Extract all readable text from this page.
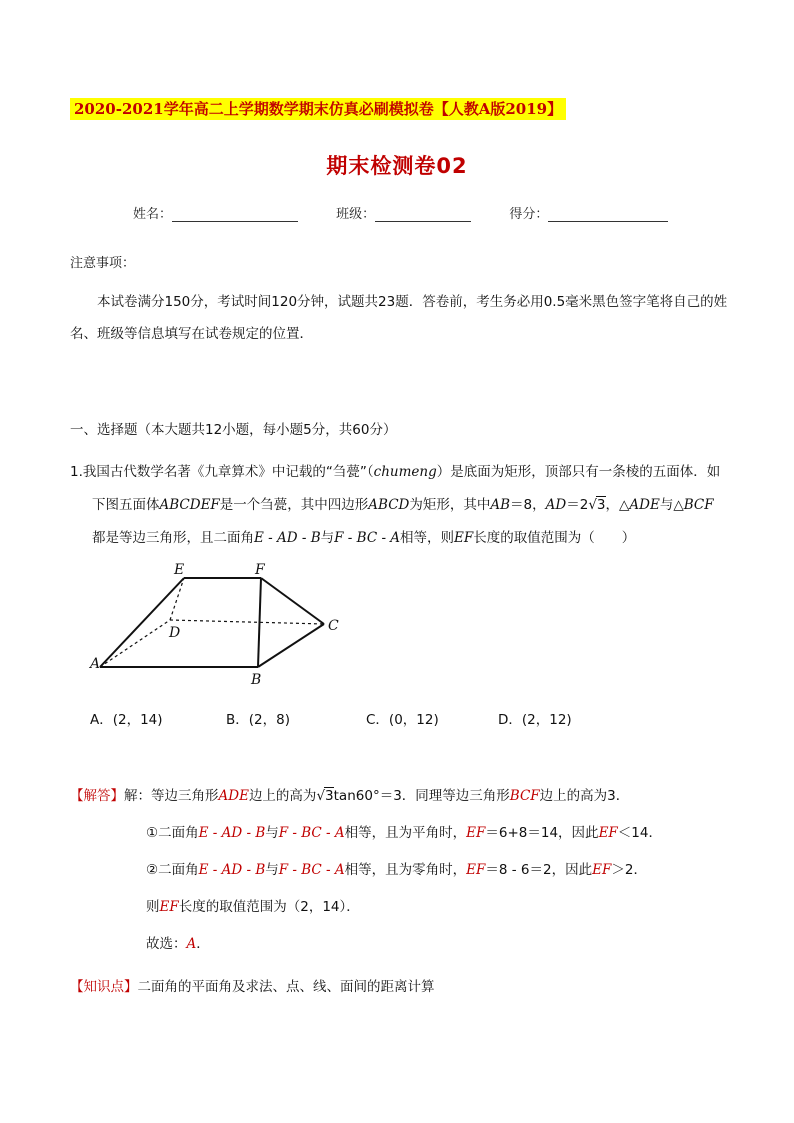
2020-2021学年高二上学期数学期末仿真必刷模拟卷【人教A版2019】
期末检测卷02
姓名：	班级：	得分：
注意事项：
本试卷满分150分，考试时间120分钟，试题共23题．答卷前，考生务必用0.5毫米黑色签字笔将自己的姓名、班级等信息填写在试卷规定的位置．
一、选择题（本大题共12小题，每小题5分，共60分）
1.我国古代数学名著《九章算术》中记载的“刍甍”（chumeng）是底面为矩形，顶部只有一条棱的五面体．如
下图五面体ABCDEF是一个刍甍，其中四边形ABCD为矩形，其中AB＝8，AD＝2√3，△ADE与△BCF
都是等边三角形，且二面角E - AD - B与F - BC - A相等，则EF长度的取值范围为（　　）
E	F
D	C
A
B
A．(2，14)	B．(2，8)	C．(0，12)	D．(2，12)
【解答】解：等边三角形ADE边上的高为√3tan60°＝3．同理等边三角形BCF边上的高为3．
①二面角E - AD - B与F - BC - A相等，且为平角时，EF＝6+8＝14，因此EF＜14．
②二面角E - AD - B与F - BC - A相等，且为零角时，EF＝8 - 6＝2，因此EF＞2．
则EF长度的取值范围为（2，14）．
故选：A．
【知识点】二面角的平面角及求法、点、线、面间的距离计算
